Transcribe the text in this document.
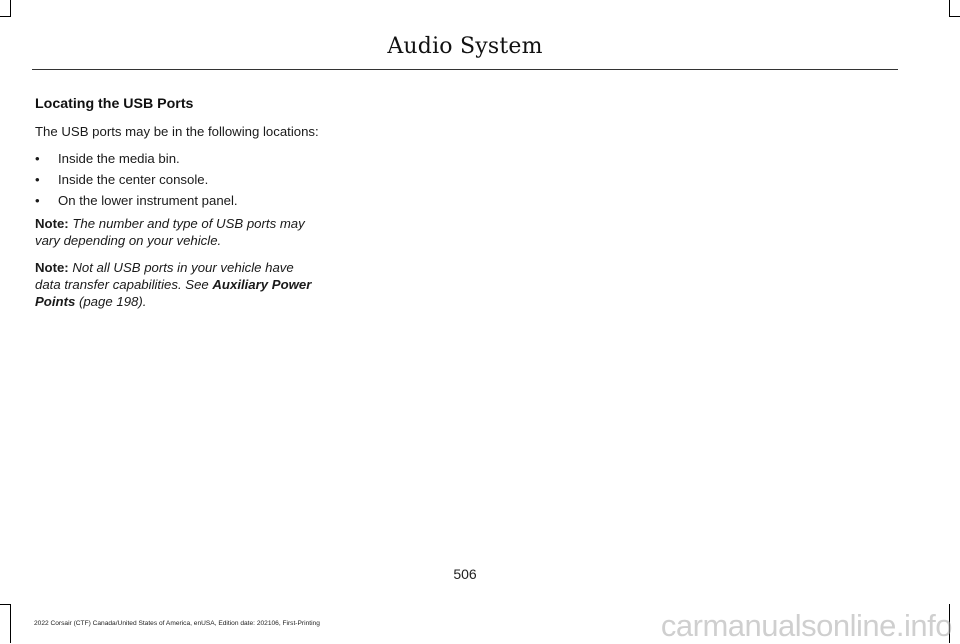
Audio System
Locating the USB Ports
The USB ports may be in the following locations:
• Inside the media bin.
• Inside the center console.
• On the lower instrument panel.
Note: The number and type of USB ports may vary depending on your vehicle.
Note: Not all USB ports in your vehicle have data transfer capabilities. See Auxiliary Power Points (page 198).
506
2022 Corsair (CTF) Canada/United States of America, enUSA, Edition date: 202106, First-Printing	carmanualsonline.info
